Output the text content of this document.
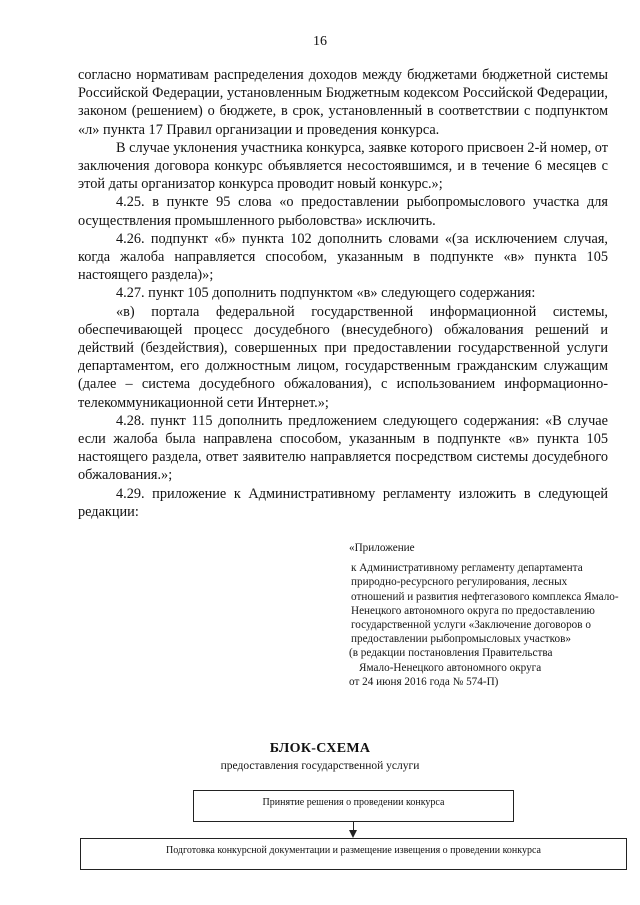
16

согласно нормативам распределения доходов между бюджетами бюджетной системы Российской Федерации, установленным Бюджетным кодексом Российской Федерации, законом (решением) о бюджете, в срок, установленный в соответствии с подпунктом «л» пункта 17 Правил организации и проведения конкурса.

В случае уклонения участника конкурса, заявке которого присвоен 2-й номер, от заключения договора конкурс объявляется несостоявшимся, и в течение 6 месяцев с этой даты организатор конкурса проводит новый конкурс.»;

4.25. в пункте 95 слова «о предоставлении рыбопромыслового участка для осуществления промышленного рыболовства» исключить.

4.26. подпункт «б» пункта 102 дополнить словами «(за исключением случая, когда жалоба направляется способом, указанным в подпункте «в» пункта 105 настоящего раздела)»;

4.27. пункт 105 дополнить подпунктом «в» следующего содержания:

«в) портала федеральной государственной информационной системы, обеспечивающей процесс досудебного (внесудебного) обжалования решений и действий (бездействия), совершенных при предоставлении государственной услуги департаментом, его должностным лицом, государственным гражданским служащим (далее – система досудебного обжалования), с использованием информационно-телекоммуникационной сети Интернет.»;

4.28. пункт 115 дополнить предложением следующего содержания: «В случае если жалоба была направлена способом, указанным в подпункте «в» пункта 105 настоящего раздела, ответ заявителю направляется посредством системы досудебного обжалования.»;

4.29. приложение к Административному регламенту изложить в следующей редакции:

«Приложение

к Административному регламенту департамента природно-ресурсного регулирования, лесных отношений и развития нефтегазового комплекса Ямало-Ненецкого автономного округа по предоставлению государственной услуги «Заключение договоров о предоставлении рыбопромысловых участков»

(в редакции постановления Правительства

Ямало-Ненецкого автономного округа
от 24 июня 2016 года № 574-П)

БЛОК-СХЕМА
предоставления государственной услуги
Принятие решения о проведении конкурса
Подготовка конкурсной документации и размещение извещения о проведении конкурса
